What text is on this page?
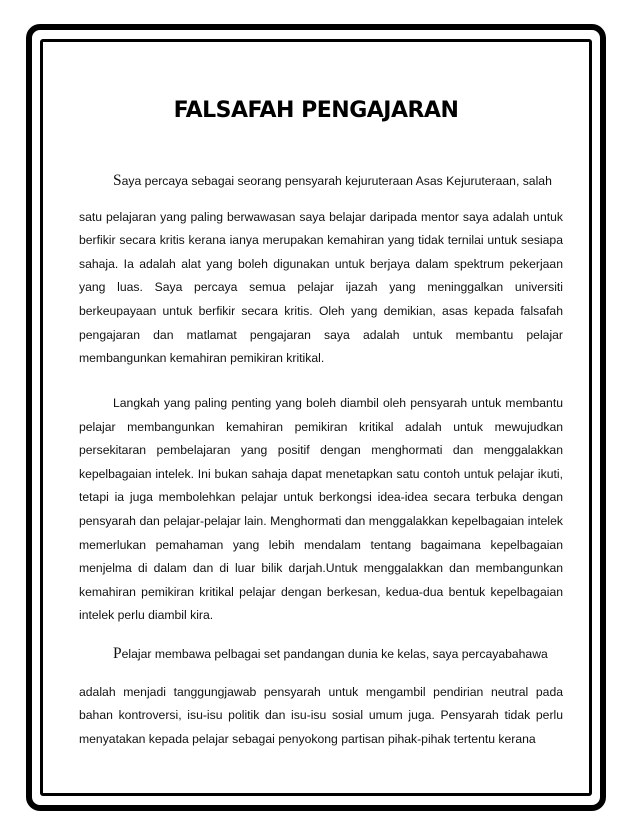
FALSAFAH PENGAJARAN

Saya percaya sebagai seorang pensyarah kejuruteraan Asas Kejuruteraan, salah
satu pelajaran yang paling berwawasan saya belajar daripada mentor saya adalah untuk berfikir secara kritis kerana ianya merupakan kemahiran yang tidak ternilai untuk sesiapa sahaja. Ia adalah alat yang boleh digunakan untuk berjaya dalam spektrum pekerjaan yang luas. Saya percaya semua pelajar ijazah yang meninggalkan universiti berkeupayaan untuk berfikir secara kritis. Oleh yang demikian, asas kepada falsafah pengajaran dan matlamat pengajaran saya adalah untuk membantu pelajar membangunkan kemahiran pemikiran kritikal.

Langkah yang paling penting yang boleh diambil oleh pensyarah untuk membantu pelajar membangunkan kemahiran pemikiran kritikal adalah untuk mewujudkan persekitaran pembelajaran yang positif dengan menghormati dan menggalakkan kepelbagaian intelek. Ini bukan sahaja dapat menetapkan satu contoh untuk pelajar ikuti, tetapi ia juga membolehkan pelajar untuk berkongsi idea-idea secara terbuka dengan pensyarah dan pelajar-pelajar lain. Menghormati dan menggalakkan kepelbagaian intelek memerlukan pemahaman yang lebih mendalam tentang bagaimana kepelbagaian menjelma di dalam dan di luar bilik darjah.Untuk menggalakkan dan membangunkan kemahiran pemikiran kritikal pelajar dengan berkesan, kedua-dua bentuk kepelbagaian intelek perlu diambil kira.

Pelajar membawa pelbagai set pandangan dunia ke kelas, saya percayabahawa
adalah menjadi tanggungjawab pensyarah untuk mengambil pendirian neutral pada bahan kontroversi, isu-isu politik dan isu-isu sosial umum juga. Pensyarah tidak perlu menyatakan kepada pelajar sebagai penyokong partisan pihak-pihak tertentu kerana
